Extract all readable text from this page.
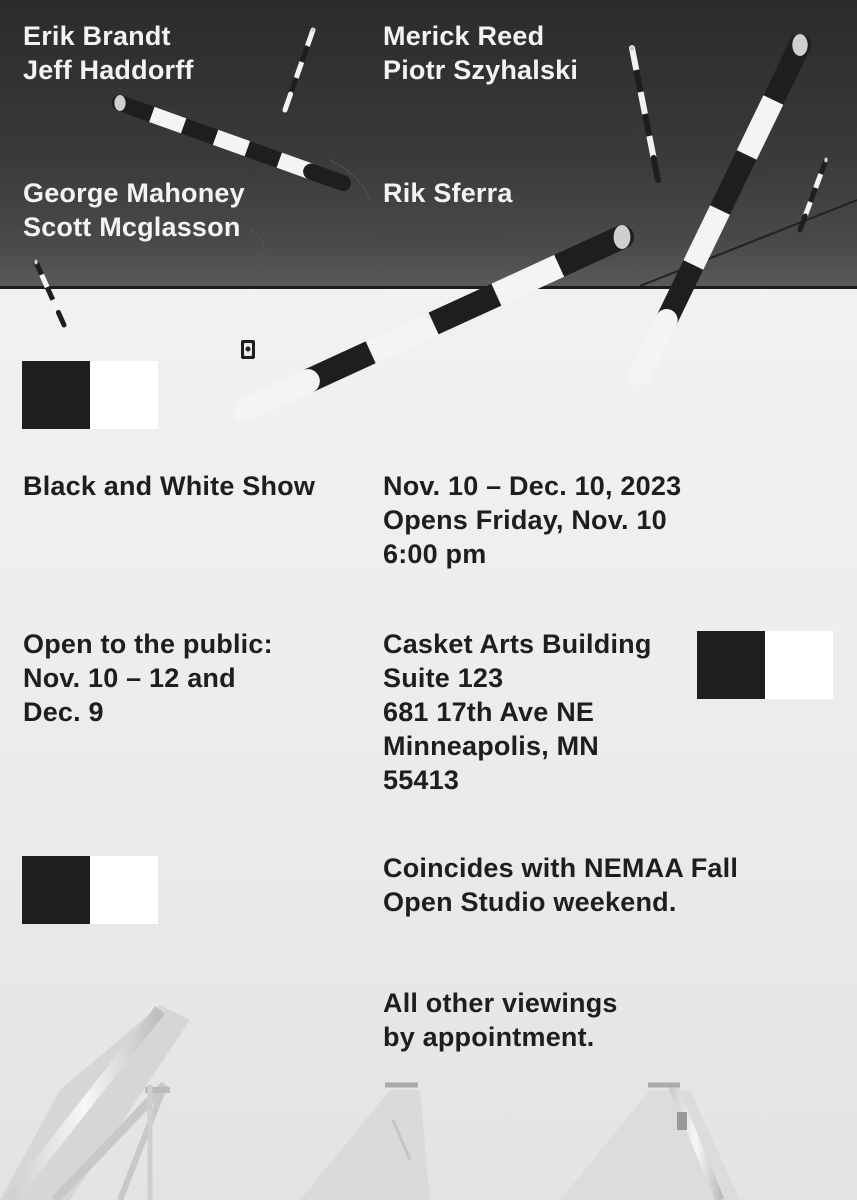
Erik Brandt
Jeff Haddorff
Merick Reed
Piotr Szyhalski
George Mahoney
Scott Mcglasson
Rik Sferra
Black and White Show	Nov. 10 – Dec. 10, 2023
Opens Friday, Nov. 10
6:00 pm
Open to the public:
Nov. 10 – 12 and
Dec. 9
Casket Arts Building
Suite 123
681 17th Ave NE
Minneapolis, MN
55413
Coincides with NEMAA Fall
Open Studio weekend.
All other viewings
by appointment.
